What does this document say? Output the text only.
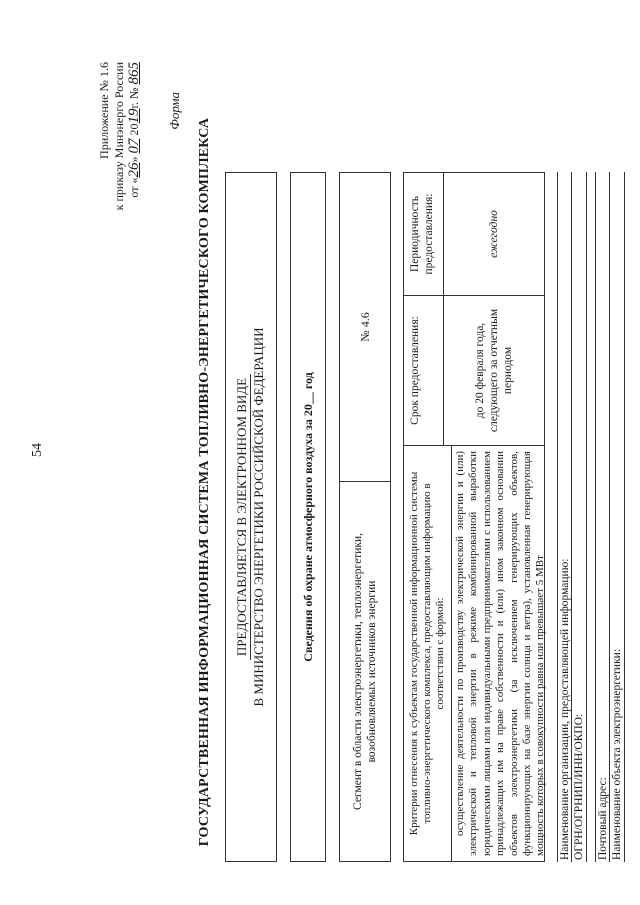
54
Приложение № 1.6 к приказу Минэнерго России от «26» 07 2019г. № 865
Форма
ГОСУДАРСТВЕННАЯ ИНФОРМАЦИОННАЯ СИСТЕМА ТОПЛИВНО-ЭНЕРГЕТИЧЕСКОГО КОМПЛЕКСА ПРЕДОСТАВЛЯЕТСЯ В ЭЛЕКТРОННОМ ВИДЕ В МИНИСТЕРСТВО ЭНЕРГЕТИКИ РОССИЙСКОЙ ФЕДЕРАЦИИ	Сведения об охране атмосферного воздуха за 20__ год
Сегмент в области электроэнергетики, теплоэнергетики, возобновляемых источников энергии
№ 4.6
Критерии отнесения к субъектам государственной информационной системы топливно-энергетического комплекса, предоставляющим информацию в соответствии с формой: осуществление деятельности по производству электрической энергии и (или) электрической и тепловой энергии в режиме комбинированной выработки юридическими лицами или индивидуальными предпринимателями с использованием принадлежащих им на праве собственности и (или) ином законном основании объектов электроэнергетики (за исключением генерирующих объектов, функционирующих на базе энергии солнца и ветра), установленная генерирующая мощность которых в совокупности равна или превышает 5 МВт
Срок предоставления:	до 20 февраля года, следующего за отчетным периодом
Периодичность предоставления:	ежегодно
Наименование организации, предоставляющей информацию: ОГРН/ОГРНИП/ИНН/ОКПО: Почтовый адрес: Наименование объекта электроэнергетики:
